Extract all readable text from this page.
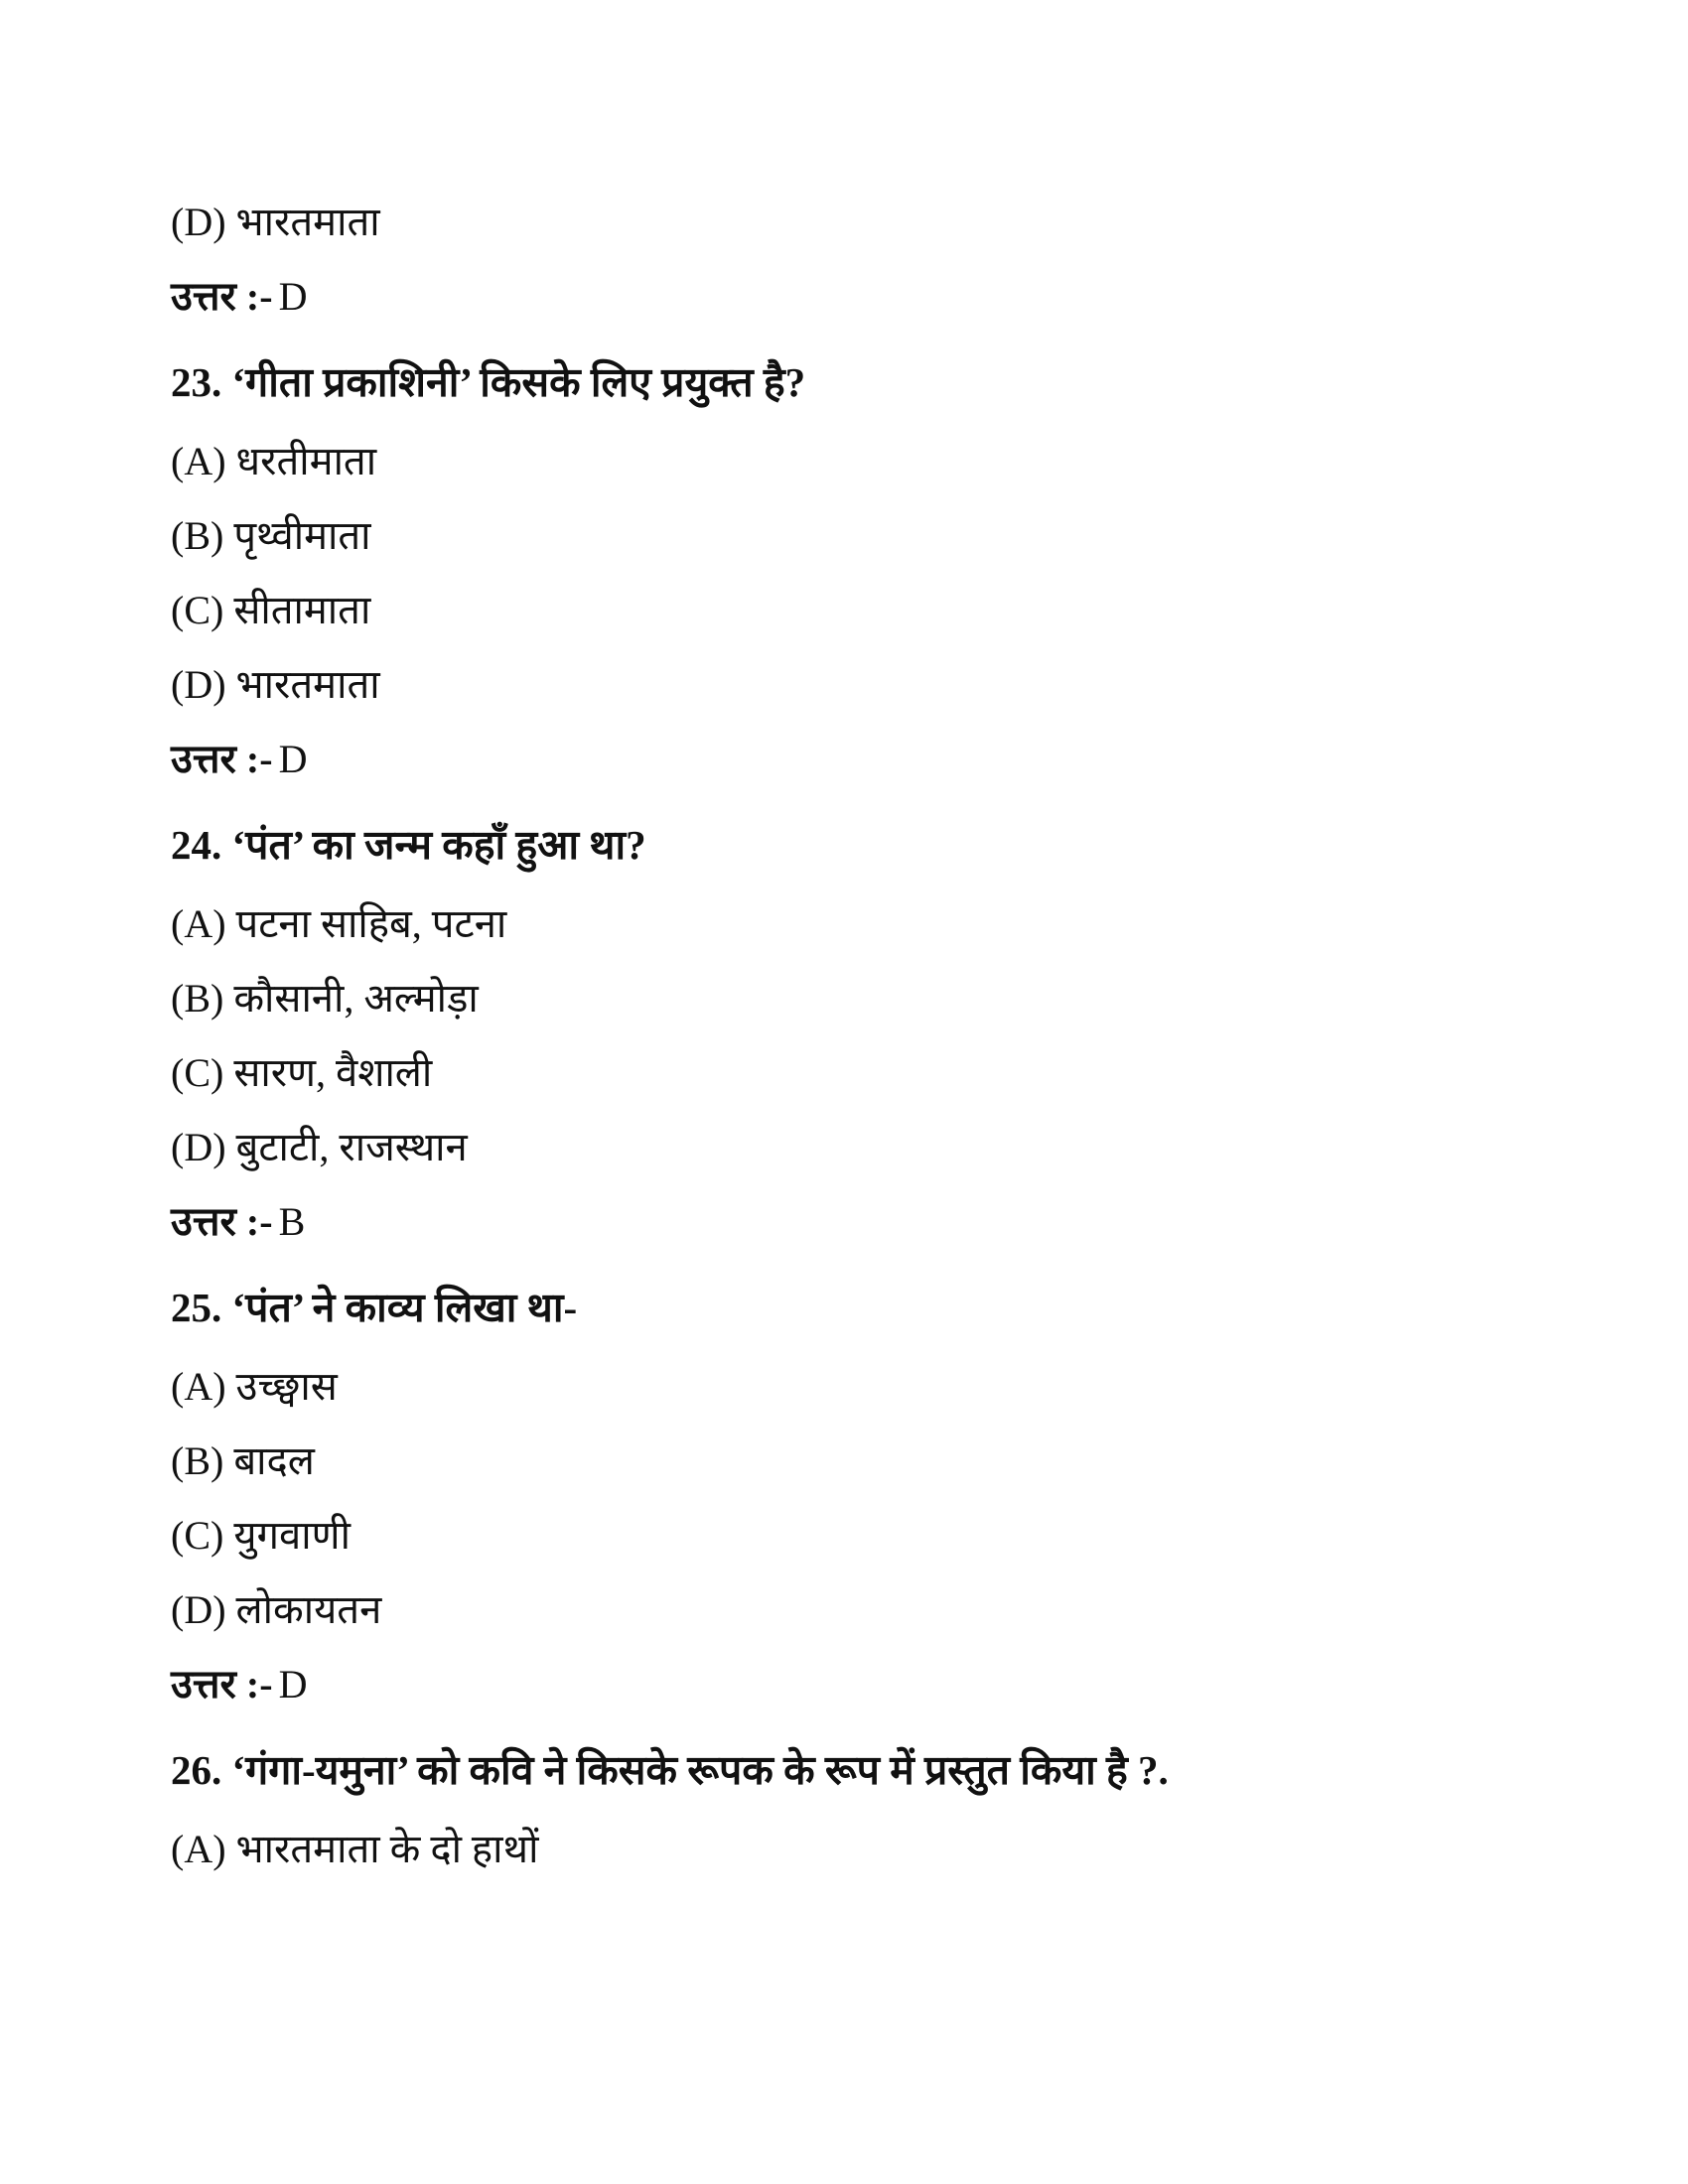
(D) भारतमाता

उत्तर :- D

23. ‘गीता प्रकाशिनी’ किसके लिए प्रयुक्त है?

(A) धरतीमाता

(B) पृथ्वीमाता

(C) सीतामाता

(D) भारतमाता

उत्तर :- D

24. ‘पंत’ का जन्म कहाँ हुआ था?

(A) पटना साहिब, पटना

(B) कौसानी, अल्मोड़ा

(C) सारण, वैशाली

(D) बुटाटी, राजस्थान

उत्तर :- B

25. ‘पंत’ ने काव्य लिखा था-

(A) उच्छ्वास

(B) बादल

(C) युगवाणी

(D) लोकायतन

उत्तर :- D

26. ‘गंगा-यमुना’ को कवि ने किसके रूपक के रूप में प्रस्तुत किया है ?.

(A) भारतमाता के दो हाथों
